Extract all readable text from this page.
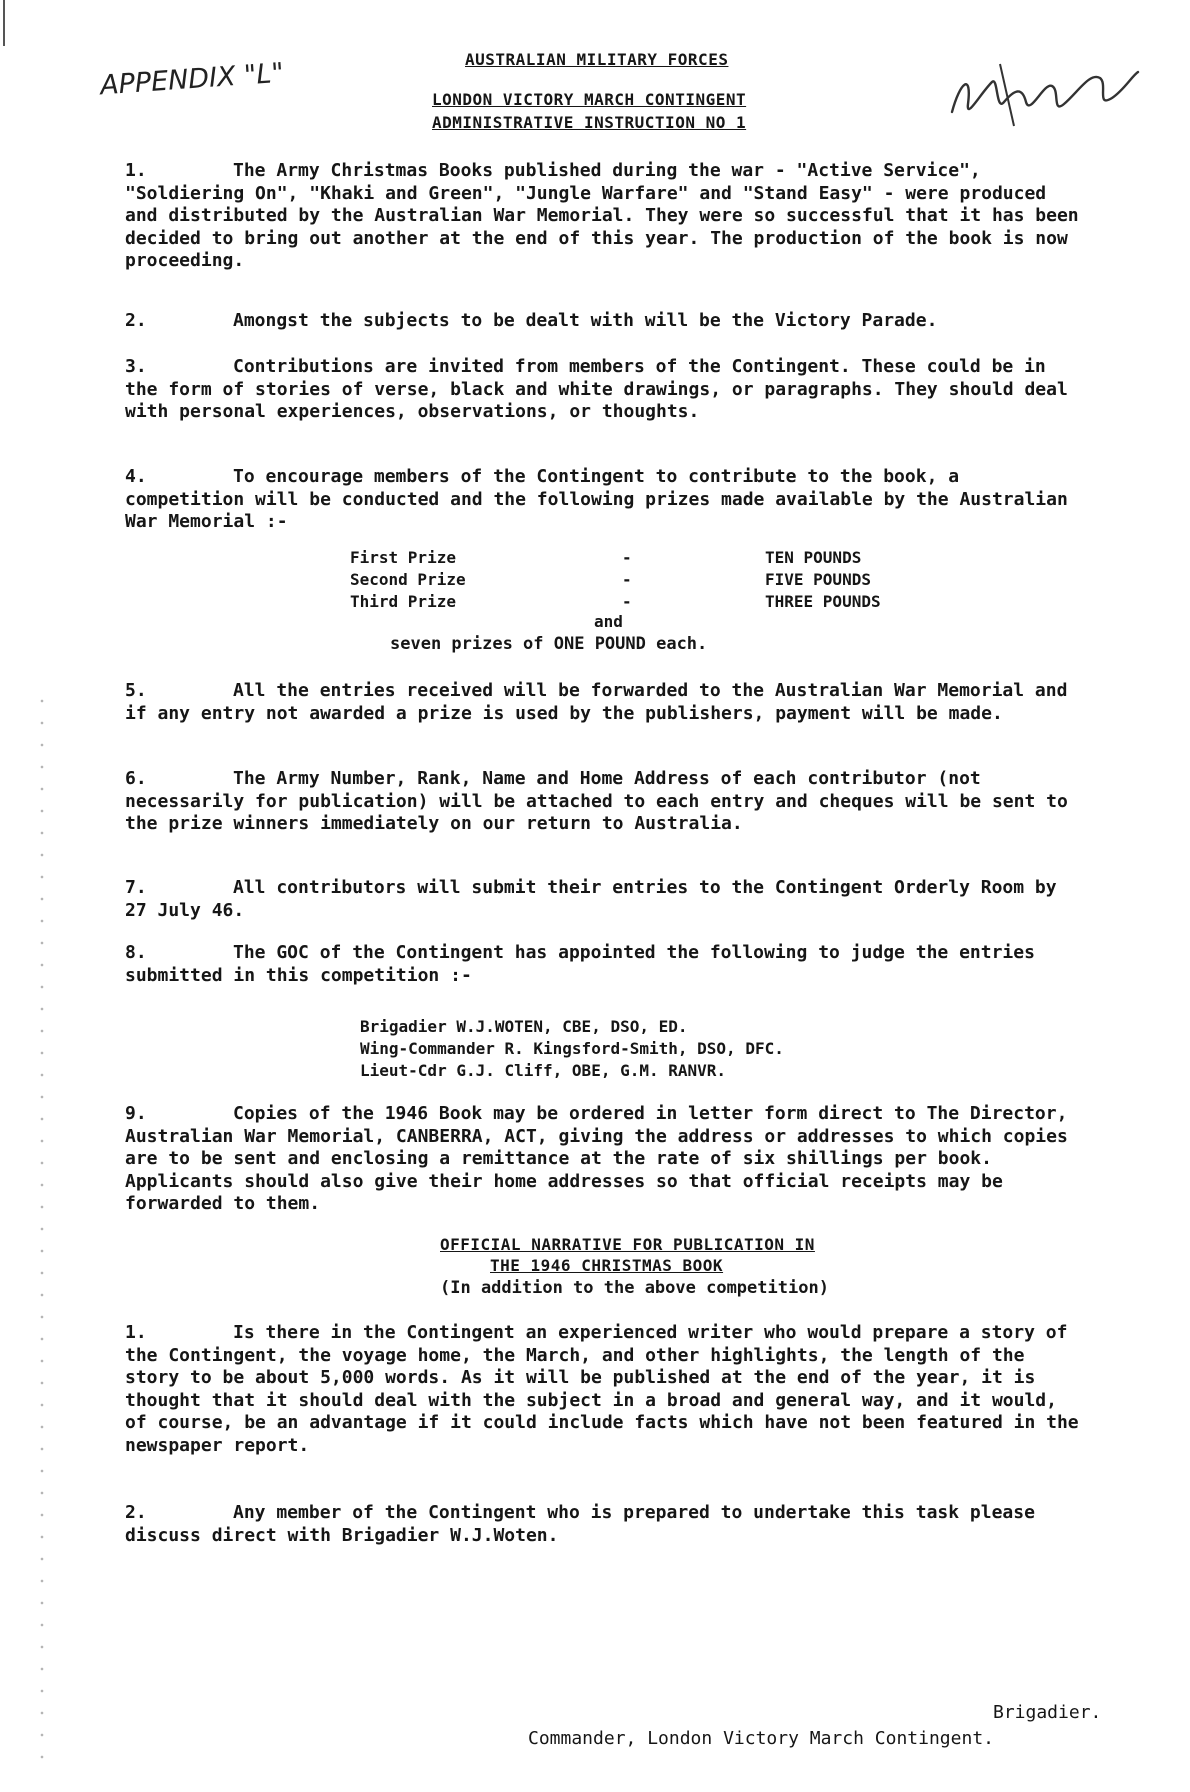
APPENDIX "L"	AUSTRALIAN MILITARY FORCES
LONDON VICTORY MARCH CONTINGENT
ADMINISTRATIVE INSTRUCTION NO 1
1.	The Army Christmas Books published during the war - "Active Service", "Soldiering On", "Khaki and Green", "Jungle Warfare" and "Stand Easy" - were produced and distributed by the Australian War Memorial. They were so successful that it has been decided to bring out another at the end of this year. The production of the book is now proceeding.
2.	Amongst the subjects to be dealt with will be the Victory Parade.
3.	Contributions are invited from members of the Contingent. These could be in the form of stories of verse, black and white drawings, or paragraphs. They should deal with personal experiences, observations, or thoughts.
4.	To encourage members of the Contingent to contribute to the book, a competition will be conducted and the following prizes made available by the Australian War Memorial :-
First Prize	-	TEN POUNDS
Second Prize	-	FIVE POUNDS
Third Prize	-	THREE POUNDS
and
seven prizes of ONE POUND each.
5.	All the entries received will be forwarded to the Australian War Memorial and if any entry not awarded a prize is used by the publishers, payment will be made.
6.	The Army Number, Rank, Name and Home Address of each contributor (not necessarily for publication) will be attached to each entry and cheques will be sent to the prize winners immediately on our return to Australia.
7.	All contributors will submit their entries to the Contingent Orderly Room by 27 July 46.
8.	The GOC of the Contingent has appointed the following to judge the entries submitted in this competition :-
Brigadier W.J.WOTEN, CBE, DSO, ED.
Wing-Commander R. Kingsford-Smith, DSO, DFC.
Lieut-Cdr G.J. Cliff, OBE, G.M. RANVR.
9.	Copies of the 1946 Book may be ordered in letter form direct to The Director, Australian War Memorial, CANBERRA, ACT, giving the address or addresses to which copies are to be sent and enclosing a remittance at the rate of six shillings per book. Applicants should also give their home addresses so that official receipts may be forwarded to them.
OFFICIAL NARRATIVE FOR PUBLICATION IN
THE 1946 CHRISTMAS BOOK
(In addition to the above competition)
1.	Is there in the Contingent an experienced writer who would prepare a story of the Contingent, the voyage home, the March, and other highlights, the length of the story to be about 5,000 words. As it will be published at the end of the year, it is thought that it should deal with the subject in a broad and general way, and it would, of course, be an advantage if it could include facts which have not been featured in the newspaper report.
2.	Any member of the Contingent who is prepared to undertake this task please discuss direct with Brigadier W.J.Woten.
Brigadier.
Commander, London Victory March Contingent.
